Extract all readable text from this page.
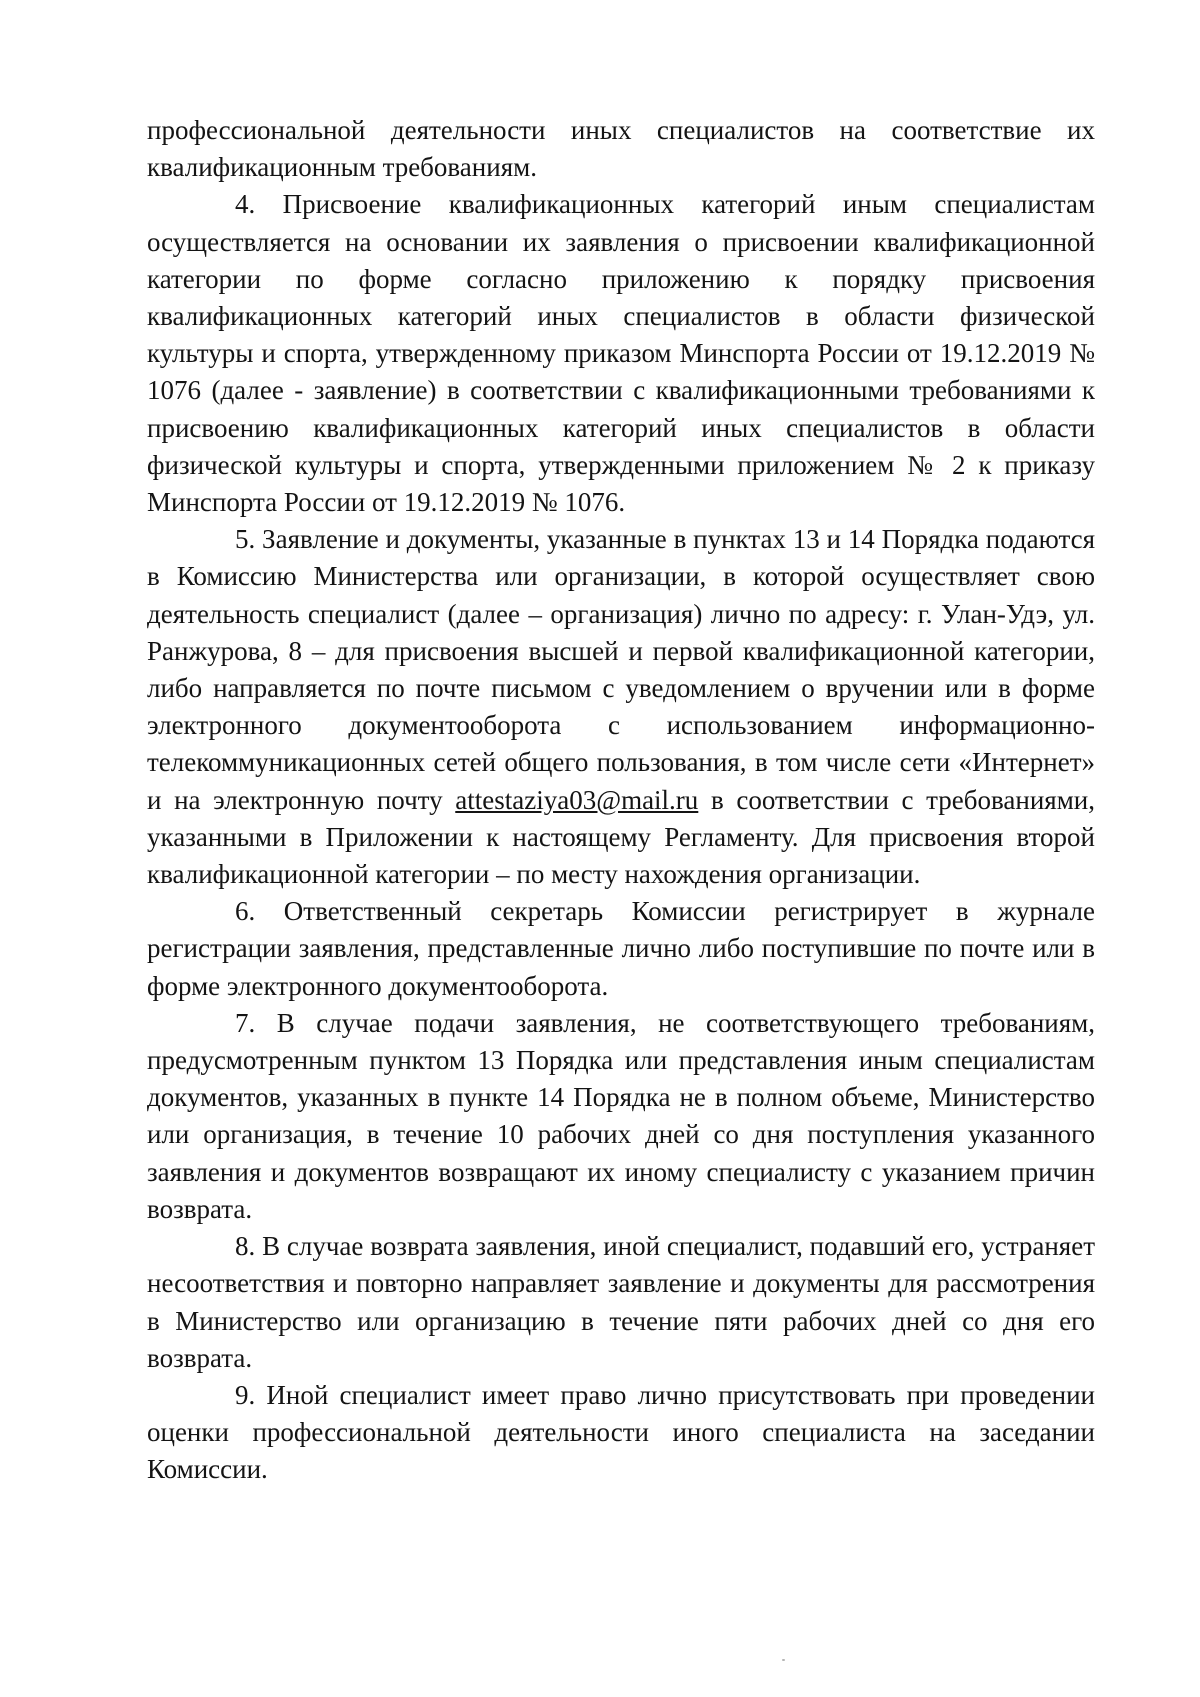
профессиональной деятельности иных специалистов на соответствие их квалификационным требованиям.

4. Присвоение квалификационных категорий иным специалистам осуществляется на основании их заявления о присвоении квалификационной категории по форме согласно приложению к порядку присвоения квалификационных категорий иных специалистов в области физической культуры и спорта, утвержденному приказом Минспорта России от 19.12.2019 № 1076 (далее - заявление) в соответствии с квалификационными требованиями к присвоению квалификационных категорий иных специалистов в области физической культуры и спорта, утвержденными приложением № 2 к приказу Минспорта России от 19.12.2019 № 1076.

5. Заявление и документы, указанные в пунктах 13 и 14 Порядка подаются в Комиссию Министерства или организации, в которой осуществляет свою деятельность специалист (далее – организация) лично по адресу: г. Улан-Удэ, ул. Ранжурова, 8 – для присвоения высшей и первой квалификационной категории, либо направляется по почте письмом с уведомлением о вручении или в форме электронного документооборота с использованием информационно-телекоммуникационных сетей общего пользования, в том числе сети «Интернет» и на электронную почту attestaziya03@mail.ru в соответствии с требованиями, указанными в Приложении к настоящему Регламенту. Для присвоения второй квалификационной категории – по месту нахождения организации.

6. Ответственный секретарь Комиссии регистрирует в журнале регистрации заявления, представленные лично либо поступившие по почте или в форме электронного документооборота.

7. В случае подачи заявления, не соответствующего требованиям, предусмотренным пунктом 13 Порядка или представления иным специалистам документов, указанных в пункте 14 Порядка не в полном объеме, Министерство или организация, в течение 10 рабочих дней со дня поступления указанного заявления и документов возвращают их иному специалисту с указанием причин возврата.

8. В случае возврата заявления, иной специалист, подавший его, устраняет несоответствия и повторно направляет заявление и документы для рассмотрения в Министерство или организацию в течение пяти рабочих дней со дня его возврата.

9. Иной специалист имеет право лично присутствовать при проведении оценки профессиональной деятельности иного специалиста на заседании Комиссии.
